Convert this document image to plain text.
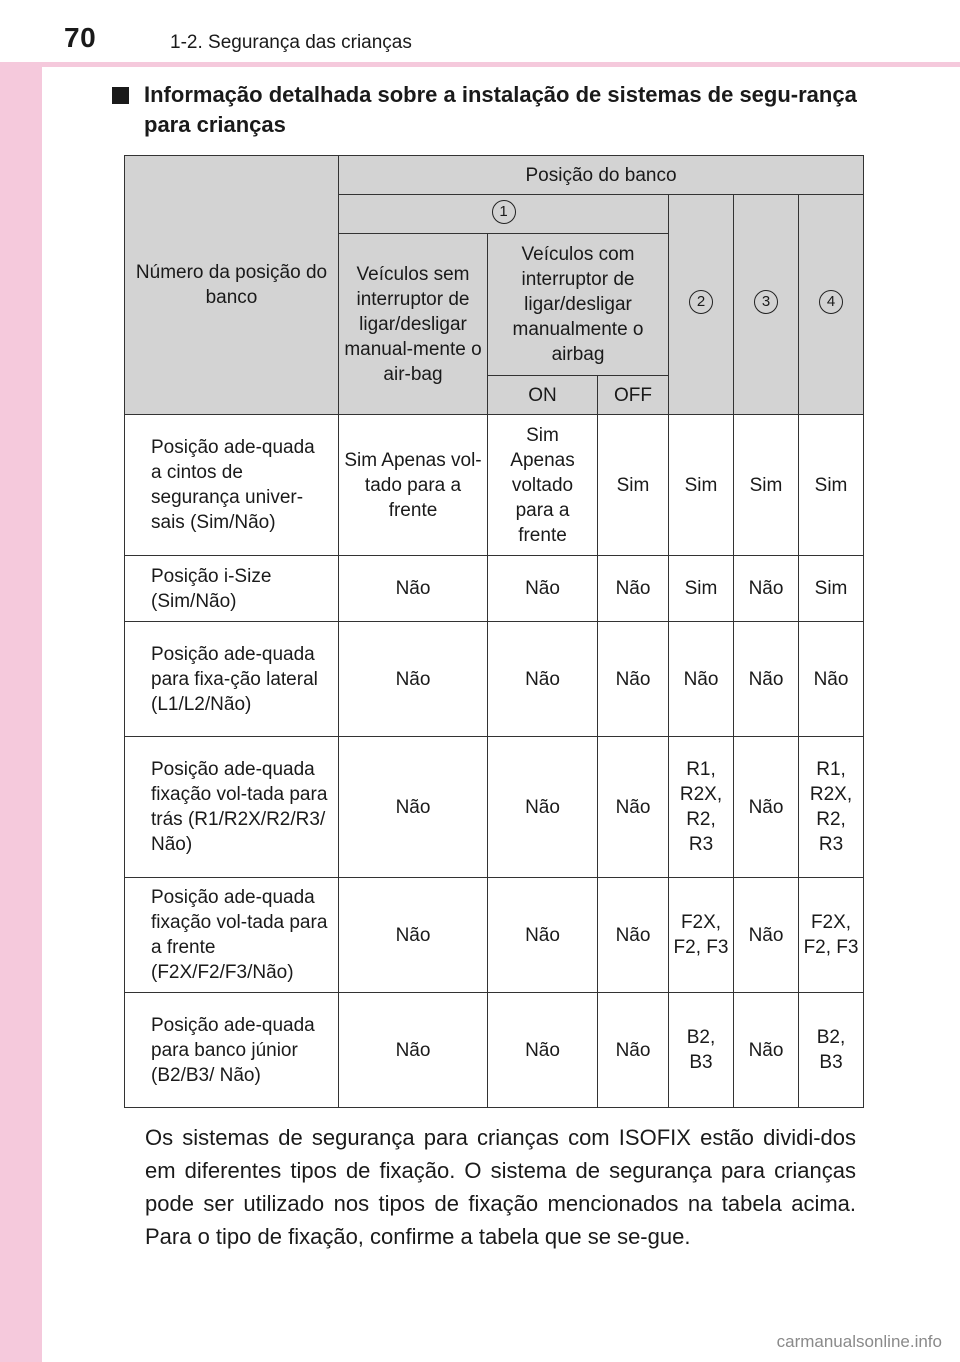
70	1-2. Segurança das crianças
Informação detalhada sobre a instalação de sistemas de segu-rança para crianças
Número da posição do banco	Posição do banco					
	1			2	3	4
	Veículos sem interruptor de ligar/desligar manual-mente o air-bag	Veículos com interruptor de ligar/desligar manualmente o airbag				
		ON	OFF			
Posição ade-quada a cintos de segurança univer-sais (Sim/Não)	Sim Apenas vol-tado para a frente	Sim Apenas voltado para a frente	Sim	Sim	Sim	Sim
Posição i-Size (Sim/Não)	Não	Não	Não	Sim	Não	Sim
Posição ade-quada para fixa-ção lateral (L1/L2/Não)	Não	Não	Não	Não	Não	Não
Posição ade-quada fixação vol-tada para trás (R1/R2X/R2/R3/ Não)	Não	Não	Não	R1, R2X, R2, R3	Não	R1, R2X, R2, R3
Posição ade-quada fixação vol-tada para a frente (F2X/F2/F3/Não)	Não	Não	Não	F2X, F2, F3	Não	F2X, F2, F3
Posição ade-quada para banco júnior (B2/B3/ Não)	Não	Não	Não	B2, B3	Não	B2, B3
Os sistemas de segurança para crianças com ISOFIX estão dividi-dos em diferentes tipos de fixação. O sistema de segurança para crianças pode ser utilizado nos tipos de fixação mencionados na tabela acima. Para o tipo de fixação, confirme a tabela que se se-gue.
carmanualsonline.info
